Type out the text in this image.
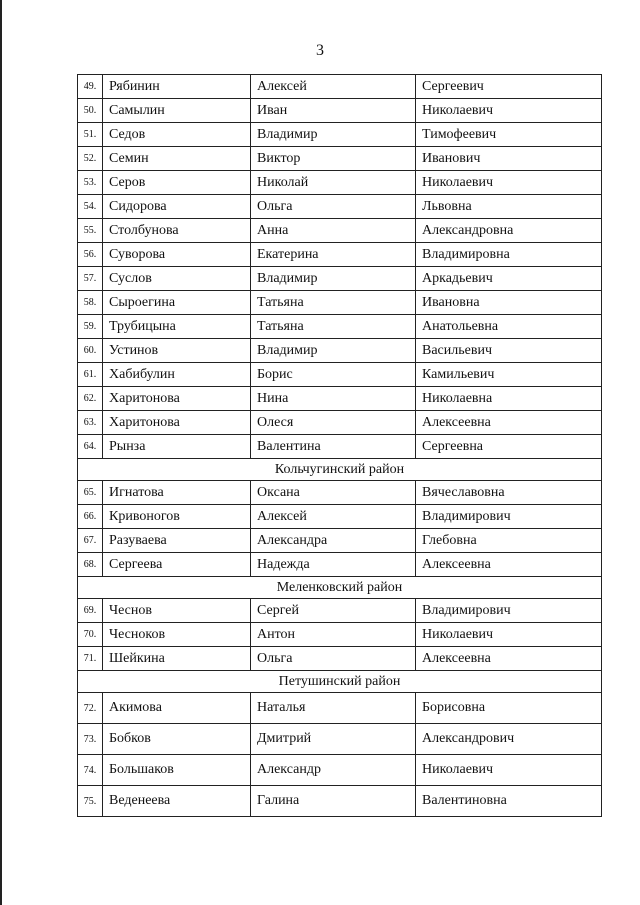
3
49.	Рябинин	Алексей	Сергеевич
50.	Самылин	Иван	Николаевич
51.	Седов	Владимир	Тимофеевич
52.	Семин	Виктор	Иванович
53.	Серов	Николай	Николаевич
54.	Сидорова	Ольга	Львовна
55.	Столбунова	Анна	Александровна
56.	Суворова	Екатерина	Владимировна
57.	Суслов	Владимир	Аркадьевич
58.	Сыроегина	Татьяна	Ивановна
59.	Трубицына	Татьяна	Анатольевна
60.	Устинов	Владимир	Васильевич
61.	Хабибулин	Борис	Камильевич
62.	Харитонова	Нина	Николаевна
63.	Харитонова	Олеся	Алексеевна
64.	Рынза	Валентина	Сергеевна
Кольчугинский район			
65.	Игнатова	Оксана	Вячеславовна
66.	Кривоногов	Алексей	Владимирович
67.	Разуваева	Александра	Глебовна
68.	Сергеева	Надежда	Алексеевна
Меленковский район			
69.	Чеснов	Сергей	Владимирович
70.	Чесноков	Антон	Николаевич
71.	Шейкина	Ольга	Алексеевна
Петушинский район			
72.	Акимова	Наталья	Борисовна
73.	Бобков	Дмитрий	Александрович
74.	Большаков	Александр	Николаевич
75.	Веденеева	Галина	Валентиновна
